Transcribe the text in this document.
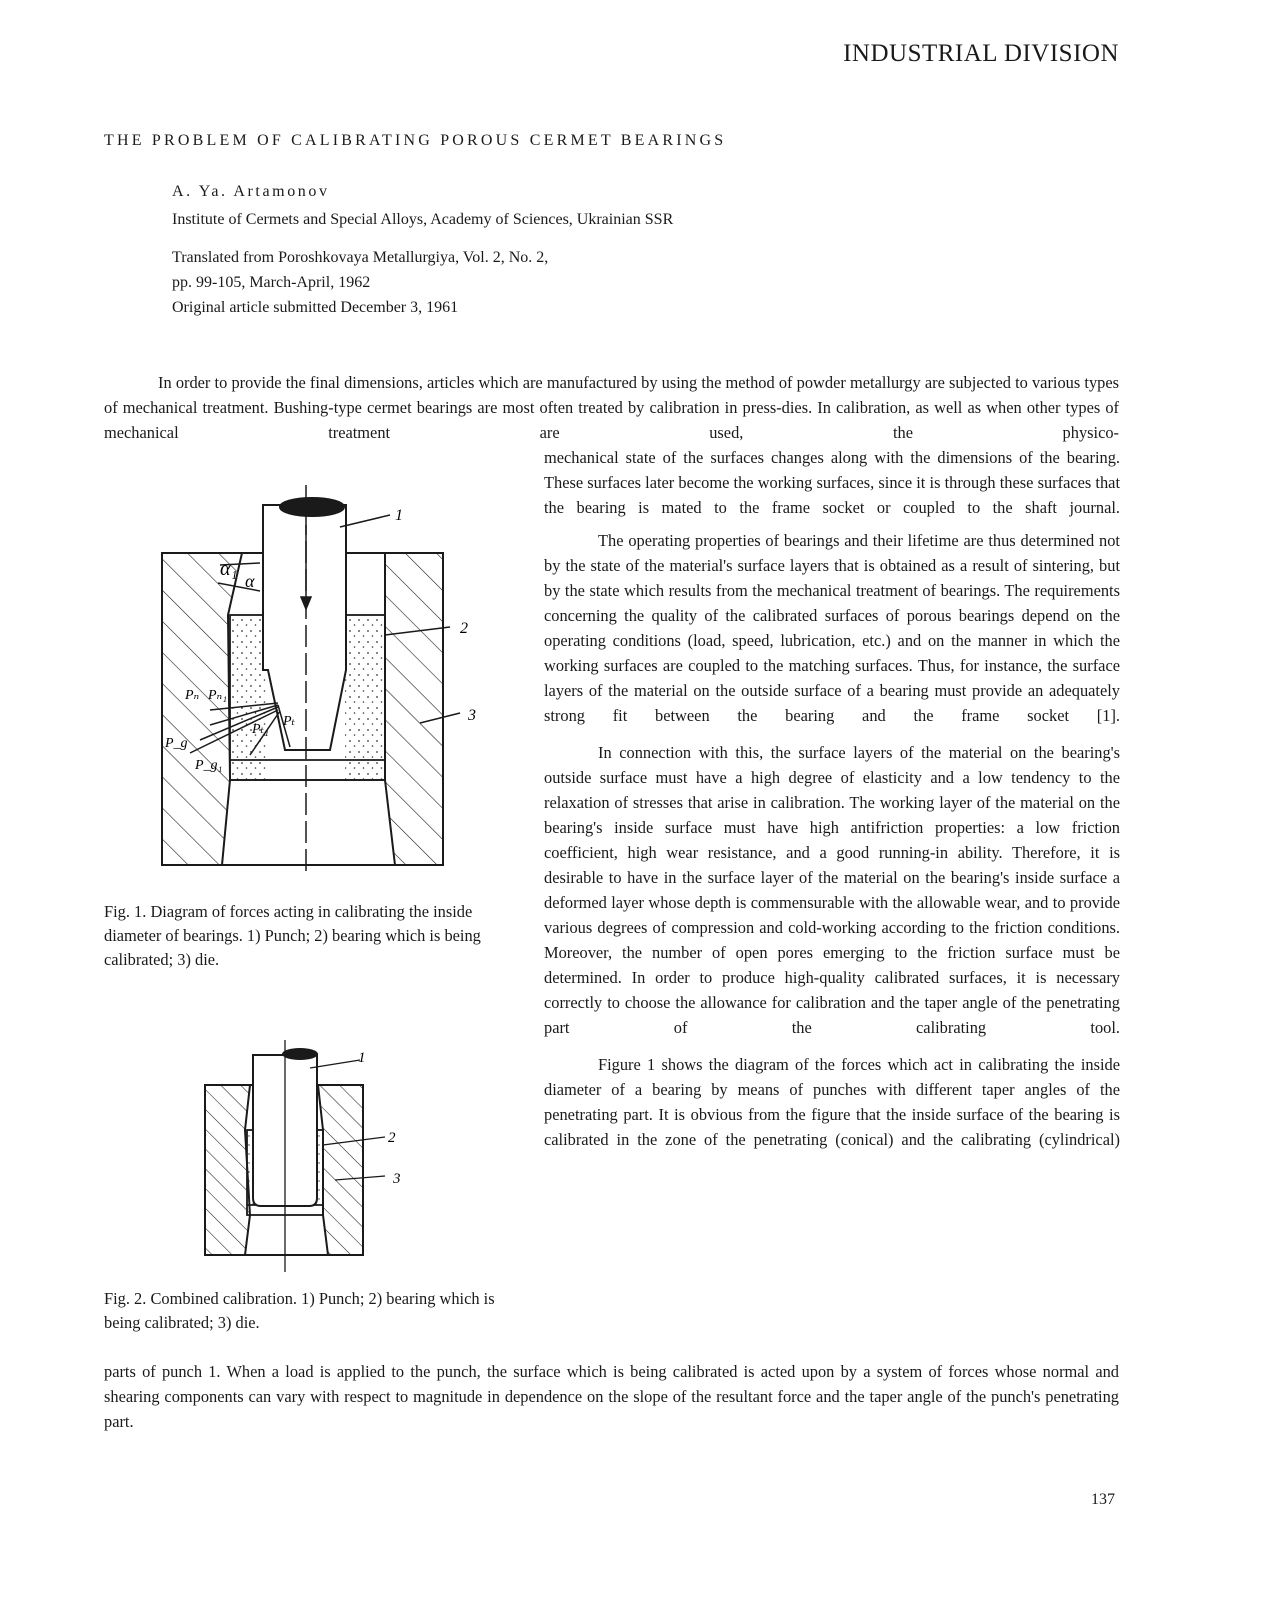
INDUSTRIAL DIVISION
THE PROBLEM OF CALIBRATING POROUS CERMET BEARINGS
A. Ya. Artamonov
Institute of Cermets and Special Alloys, Academy of Sciences, Ukrainian SSR
Translated from Poroshkovaya Metallurgiya, Vol. 2, No. 2,
pp. 99-105, March-April, 1962
Original article submitted December 3, 1961
In order to provide the final dimensions, articles which are manufactured by using the method of powder metallurgy are subjected to various types of mechanical treatment. Bushing-type cermet bearings are most often treated by calibration in press-dies. In calibration, as well as when other types of mechanical treatment are used, the physico-
mechanical state of the surfaces changes along with the dimensions of the bearing. These surfaces later become the working surfaces, since it is through these surfaces that the bearing is mated to the frame socket or coupled to the shaft journal.
The operating properties of bearings and their lifetime are thus determined not by the state of the material's surface layers that is obtained as a result of sintering, but by the state which results from the mechanical treatment of bearings. The requirements concerning the quality of the calibrated surfaces of porous bearings depend on the operating conditions (load, speed, lubrication, etc.) and on the manner in which the working surfaces are coupled to the matching surfaces. Thus, for instance, the surface layers of the material on the outside surface of a bearing must provide an adequately strong fit between the bearing and the frame socket [1].
In connection with this, the surface layers of the material on the bearing's outside surface must have a high degree of elasticity and a low tendency to the relaxation of stresses that arise in calibration. The working layer of the material on the bearing's inside surface must have high antifriction properties: a low friction coefficient, high wear resistance, and a good running-in ability. Therefore, it is desirable to have in the surface layer of the material on the bearing's inside surface a deformed layer whose depth is commensurable with the allowable wear, and to provide various degrees of compression and cold-working according to the friction conditions. Moreover, the number of open pores emerging to the friction surface must be determined. In order to produce high-quality calibrated surfaces, it is necessary correctly to choose the allowance for calibration and the taper angle of the penetrating part of the calibrating tool.
Figure 1 shows the diagram of the forces which act in calibrating the inside diameter of a bearing by means of punches with different taper angles of the penetrating part. It is obvious from the figure that the inside surface of the bearing is calibrated in the zone of the penetrating (conical) and the calibrating (cylindrical)
parts of punch 1. When a load is applied to the punch, the surface which is being calibrated is acted upon by a system of forces whose normal and shearing components can vary with respect to magnitude in dependence on the slope of the resultant force and the taper angle of the punch's penetrating part.
α₁
α
1
2
3
Pₙ Pₙ₁
P_g
P_g₁
Pₜ₁
Pₜ
Fig. 1. Diagram of forces acting in calibrating the inside diameter of bearings. 1) Punch; 2) bearing which is being calibrated; 3) die.
1
2
3
Fig. 2. Combined calibration. 1) Punch; 2) bearing which is being calibrated; 3) die.
137
